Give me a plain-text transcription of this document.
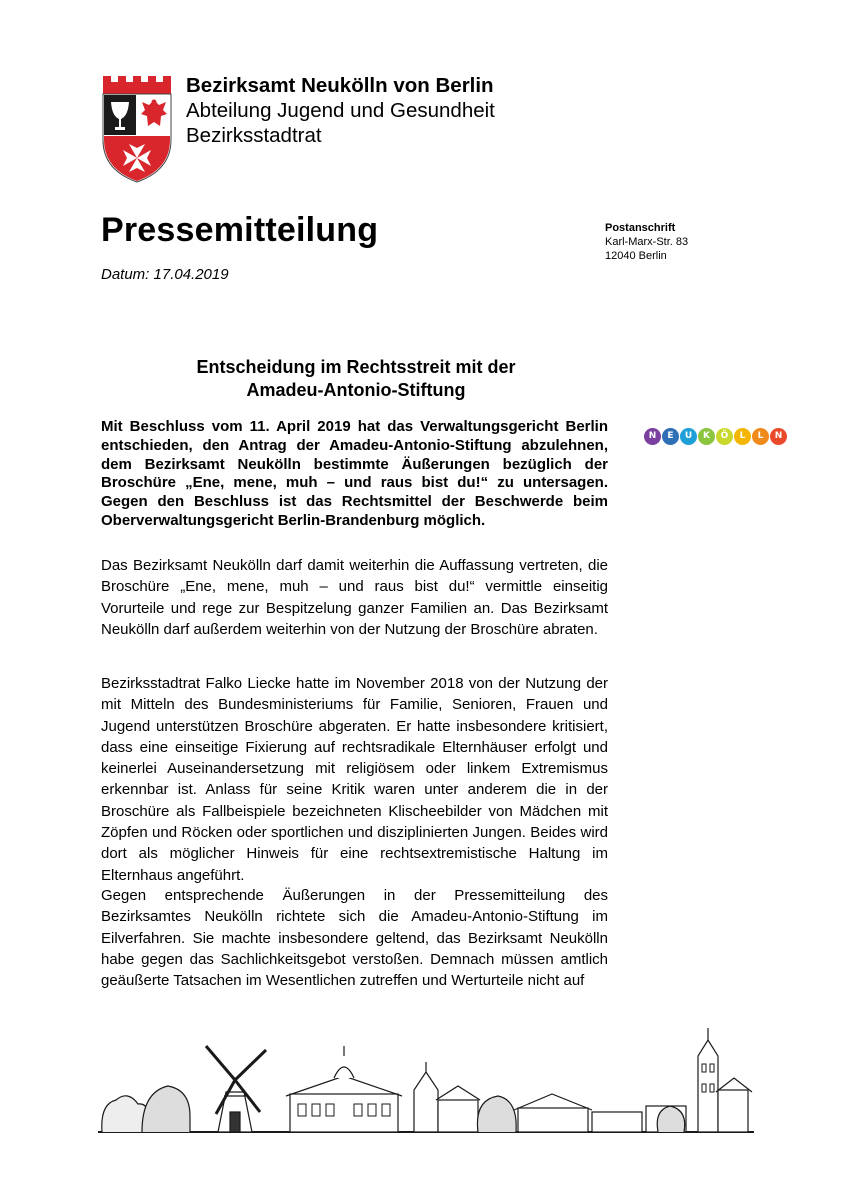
Bezirksamt Neukölln von Berlin
Abteilung Jugend und Gesundheit
Bezirksstadtrat
Pressemitteilung
Datum: 17.04.2019
Postanschrift
Karl-Marx-Str. 83
12040 Berlin
Entscheidung im Rechtsstreit mit der
Amadeu-Antonio-Stiftung
Mit Beschluss vom 11. April 2019 hat das Verwaltungsgericht Berlin entschieden, den Antrag der Amadeu-Antonio-Stiftung abzulehnen, dem Bezirksamt Neukölln bestimmte Äußerungen bezüglich der Broschüre „Ene, mene, muh – und raus bist du!“ zu untersagen. Gegen den Beschluss ist das Rechtsmittel der Beschwerde beim Oberverwaltungsgericht Berlin-Brandenburg möglich.
Das Bezirksamt Neukölln darf damit weiterhin die Auffassung vertreten, die Broschüre „Ene, mene, muh – und raus bist du!“ vermittle einseitig Vorurteile und rege zur Bespitzelung ganzer Familien an. Das Bezirksamt Neukölln darf außerdem weiterhin von der Nutzung der Broschüre abraten.
Bezirksstadtrat Falko Liecke hatte im November 2018 von der Nutzung der mit Mitteln des Bundesministeriums für Familie, Senioren, Frauen und Jugend unterstützen Broschüre abgeraten. Er hatte insbesondere kritisiert, dass eine einseitige Fixierung auf rechtsradikale Elternhäuser erfolgt und keinerlei Auseinandersetzung mit religiösem oder linkem Extremismus erkennbar ist. Anlass für seine Kritik waren unter anderem die in der Broschüre als Fallbeispiele bezeichneten Klischeebilder von Mädchen mit Zöpfen und Röcken oder sportlichen und disziplinierten Jungen. Beides wird dort als möglicher Hinweis für eine rechtsextremistische Haltung im Elternhaus angeführt.
Gegen entsprechende Äußerungen in der Pressemitteilung des Bezirksamtes Neukölln richtete sich die Amadeu-Antonio-Stiftung im Eilverfahren. Sie machte insbesondere geltend, das Bezirksamt Neukölln habe gegen das Sachlichkeitsgebot verstoßen. Demnach müssen amtlich geäußerte Tatsachen im Wesentlichen zutreffen und Werturteile nicht auf
N	E	U	K	Ö	L	L	N
